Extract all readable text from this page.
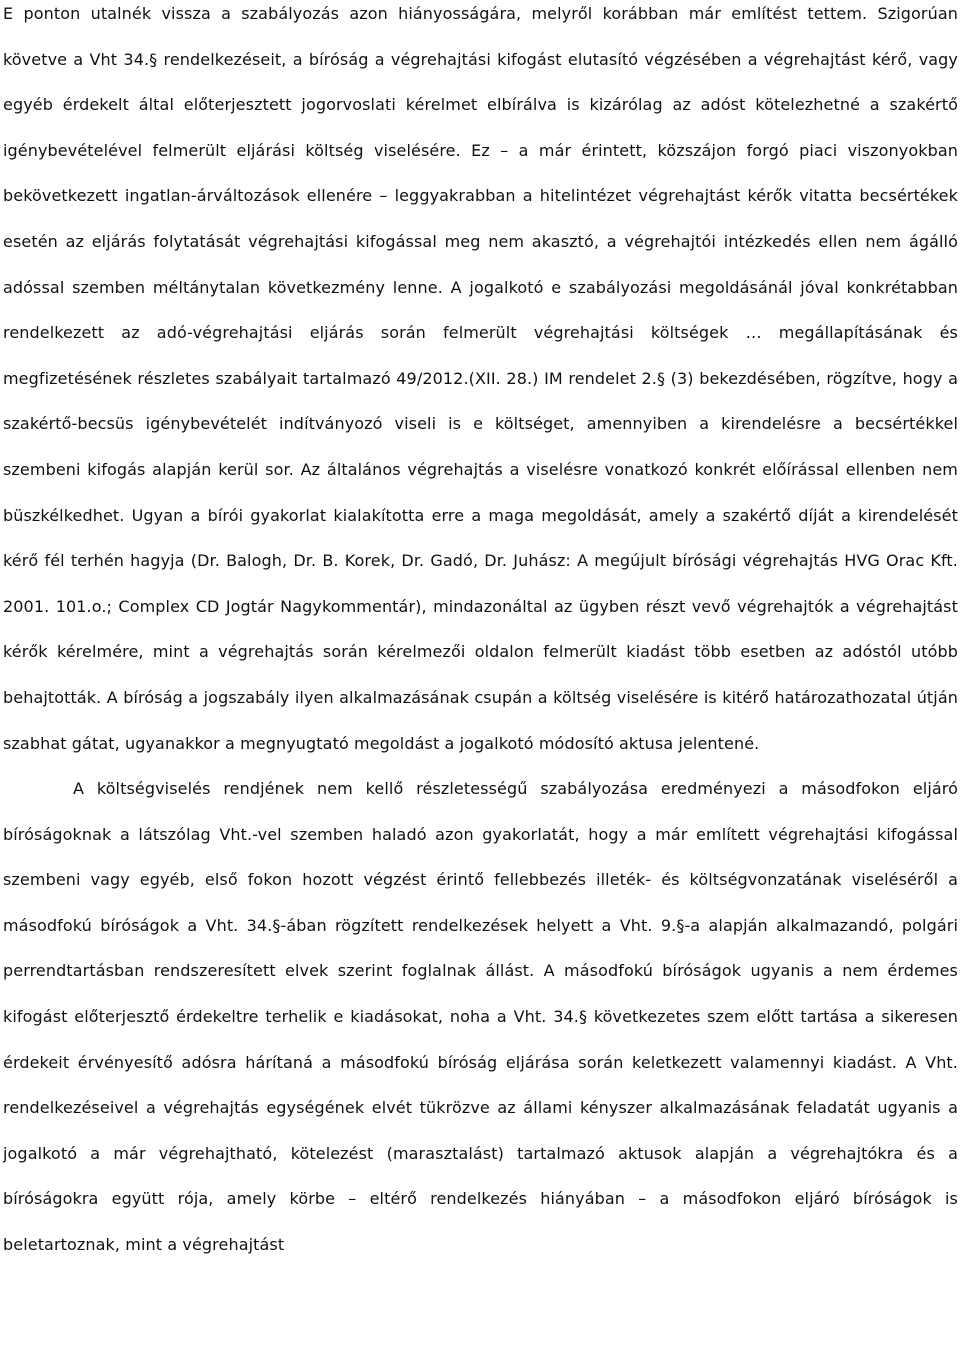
E ponton utalnék vissza a szabályozás azon hiányosságára, melyről korábban már említést tettem. Szigorúan követve a Vht 34.§ rendelkezéseit, a bíróság a végrehajtási kifogást elutasító végzésében a végrehajtást kérő, vagy egyéb érdekelt által előterjesztett jogorvoslati kérelmet elbírálva is kizárólag az adóst kötelezhetné a szakértő igénybevételével felmerült eljárási költség viselésére. Ez – a már érintett, közszájon forgó piaci viszonyokban bekövetkezett ingatlan-árváltozások ellenére – leggyakrabban a hitelintézet végrehajtást kérők vitatta becsértékek esetén az eljárás folytatását végrehajtási kifogással meg nem akasztó, a végrehajtói intézkedés ellen nem ágálló adóssal szemben méltánytalan következmény lenne. A jogalkotó e szabályozási megoldásánál jóval konkrétabban rendelkezett az adó-végrehajtási eljárás során felmerült végrehajtási költségek … megállapításának és megfizetésének részletes szabályait tartalmazó 49/2012.(XII. 28.) IM rendelet 2.§ (3) bekezdésében, rögzítve, hogy a szakértő-becsüs igénybevételét indítványozó viseli is e költséget, amennyiben a kirendelésre a becsértékkel szembeni kifogás alapján kerül sor. Az általános végrehajtás a viselésre vonatkozó konkrét előírással ellenben nem büszkélkedhet. Ugyan a bírói gyakorlat kialakította erre a maga megoldását, amely a szakértő díját a kirendelését kérő fél terhén hagyja (Dr. Balogh, Dr. B. Korek, Dr. Gadó, Dr. Juhász: A megújult bírósági végrehajtás HVG Orac Kft. 2001. 101.o.; Complex CD Jogtár Nagykommentár), mindazonáltal az ügyben részt vevő végrehajtók a végrehajtást kérők kérelmére, mint a végrehajtás során kérelmezői oldalon felmerült kiadást több esetben az adóstól utóbb behajtották. A bíróság a jogszabály ilyen alkalmazásának csupán a költség viselésére is kitérő határozathozatal útján szabhat gátat, ugyanakkor a megnyugtató megoldást a jogalkotó módosító aktusa jelentené.

A költségviselés rendjének nem kellő részletességű szabályozása eredményezi a másodfokon eljáró bíróságoknak a látszólag Vht.-vel szemben haladó azon gyakorlatát, hogy a már említett végrehajtási kifogással szembeni vagy egyéb, első fokon hozott végzést érintő fellebbezés illeték- és költségvonzatának viseléséről a másodfokú bíróságok a Vht. 34.§-ában rögzített rendelkezések helyett a Vht. 9.§-a alapján alkalmazandó, polgári perrendtartásban rendszeresített elvek szerint foglalnak állást. A másodfokú bíróságok ugyanis a nem érdemes kifogást előterjesztő érdekeltre terhelik e kiadásokat, noha a Vht. 34.§ következetes szem előtt tartása a sikeresen érdekeit érvényesítő adósra hárítaná a másodfokú bíróság eljárása során keletkezett valamennyi kiadást. A Vht. rendelkezéseivel a végrehajtás egységének elvét tükrözve az állami kényszer alkalmazásának feladatát ugyanis a jogalkotó a már végrehajtható, kötelezést (marasztalást) tartalmazó aktusok alapján a végrehajtókra és a bíróságokra együtt rója, amely körbe – eltérő rendelkezés hiányában – a másodfokon eljáró bíróságok is beletartoznak, mint a végrehajtást
